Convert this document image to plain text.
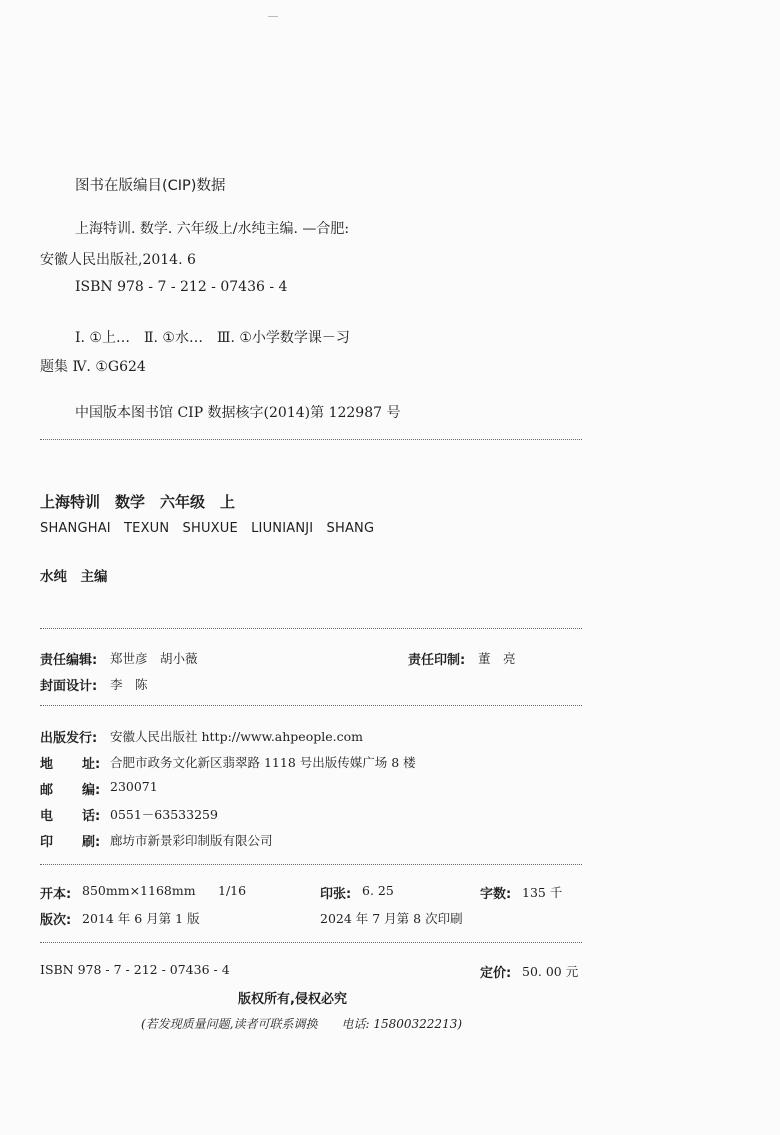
图书在版编目(CIP)数据
上海特训. 数学. 六年级上/水纯主编. —合肥:
安徽人民出版社,2014. 6
ISBN 978 - 7 - 212 - 07436 - 4
Ⅰ. ①上…　Ⅱ. ①水…　Ⅲ. ①小学数学课－习
题集 Ⅳ. ①G624
中国版本图书馆 CIP 数据核字(2014)第 122987 号
上海特训　数学　六年级　上
SHANGHAI　TEXUN　SHUXUE　LIUNIANJI　SHANG
水纯　主编
责任编辑: 郑世彦　胡小薇	责任印制: 董　亮
封面设计: 李　陈
出版发行: 安徽人民出版社 http://www.ahpeople.com
地 址: 合肥市政务文化新区翡翠路 1118 号出版传媒广场 8 楼
邮 编: 230071
电 话: 0551－63533259
印 刷: 廊坊市新景彩印制版有限公司
开本: 850mm×1168mm 1/16	印张: 6. 25	字数: 135 千
版次: 2014 年 6 月第 1 版	2024 年 7 月第 8 次印刷
ISBN 978 - 7 - 212 - 07436 - 4	定价: 50. 00 元
版权所有,侵权必究
(若发现质量问题,读者可联系调换　　电话: 15800322213)
